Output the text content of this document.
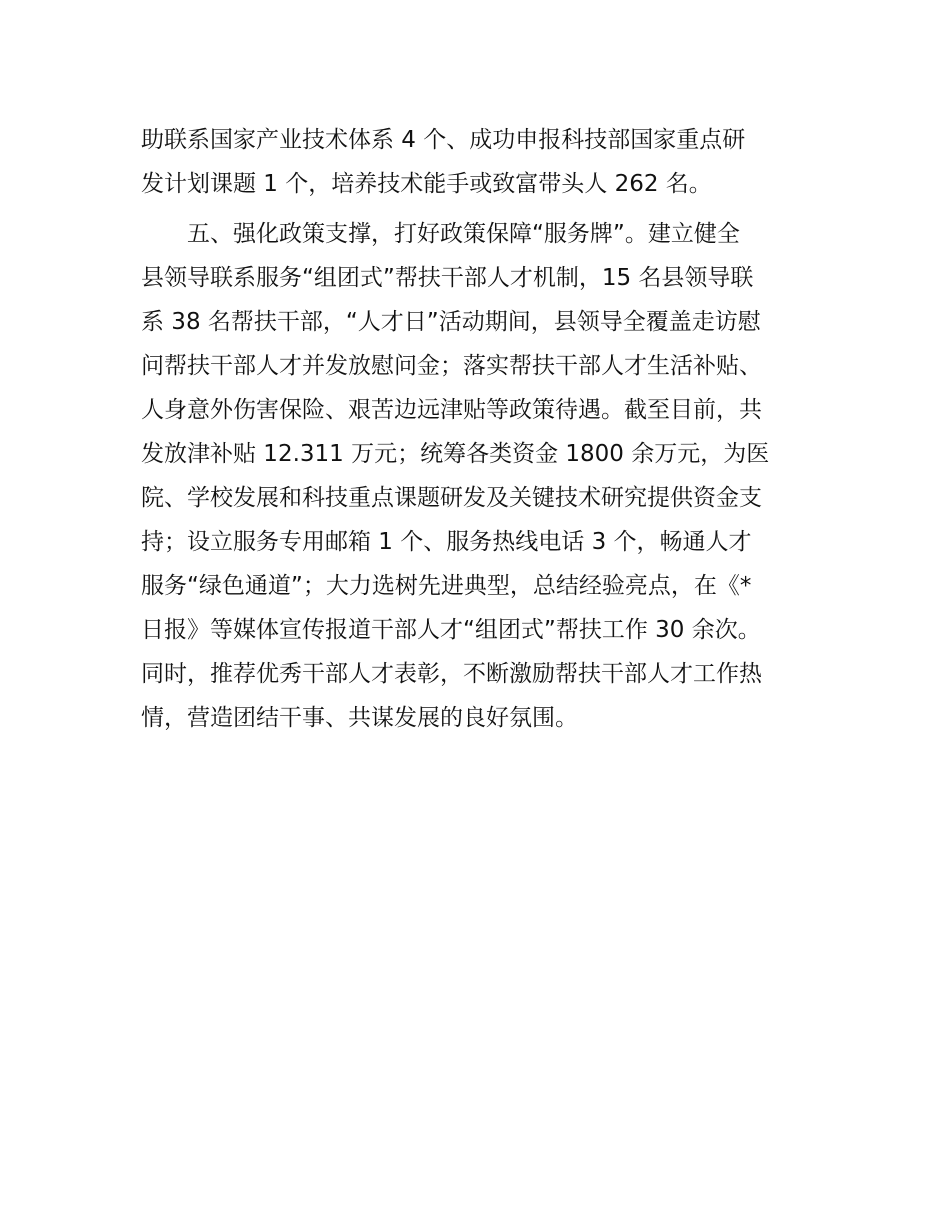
助联系国家产业技术体系 4 个、成功申报科技部国家重点研
发计划课题 1 个，培养技术能手或致富带头人 262 名。

五、强化政策支撑，打好政策保障“服务牌”。建立健全
县领导联系服务“组团式”帮扶干部人才机制，15 名县领导联
系 38 名帮扶干部，“人才日”活动期间，县领导全覆盖走访慰
问帮扶干部人才并发放慰问金；落实帮扶干部人才生活补贴、
人身意外伤害保险、艰苦边远津贴等政策待遇。截至目前，共
发放津补贴 12.311 万元；统筹各类资金 1800 余万元，为医
院、学校发展和科技重点课题研发及关键技术研究提供资金支
持；设立服务专用邮箱 1 个、服务热线电话 3 个，畅通人才
服务“绿色通道”；大力选树先进典型，总结经验亮点，在《*
日报》等媒体宣传报道干部人才“组团式”帮扶工作 30 余次。
同时，推荐优秀干部人才表彰，不断激励帮扶干部人才工作热
情，营造团结干事、共谋发展的良好氛围。
